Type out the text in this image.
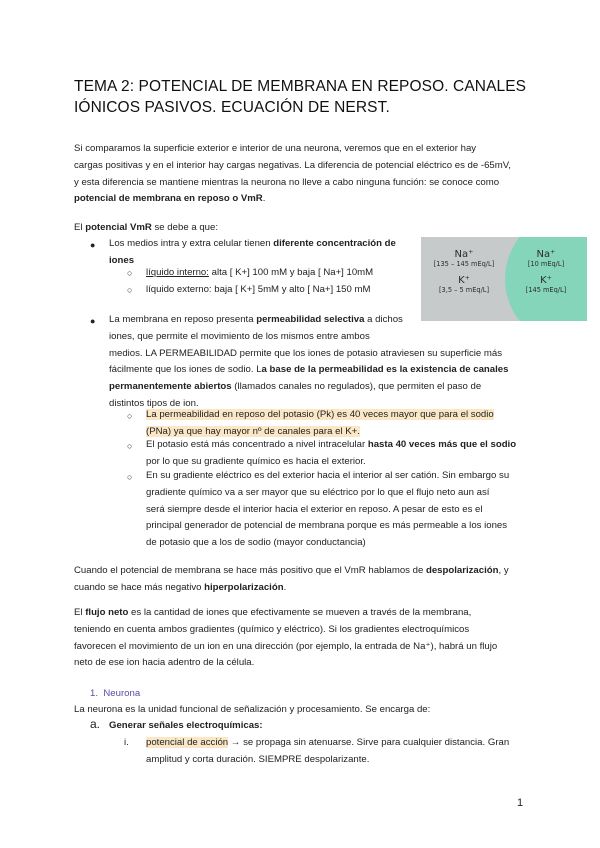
TEMA 2: POTENCIAL DE MEMBRANA EN REPOSO. CANALES
IÓNICOS PASIVOS. ECUACIÓN DE NERST.
Si comparamos la superficie exterior e interior de una neurona, veremos que en el exterior hay
cargas positivas y en el interior hay cargas negativas. La diferencia de potencial eléctrico es de -65mV,
y esta diferencia se mantiene mientras la neurona no lleve a cabo ninguna función: se conoce como
potencial de membrana en reposo o VmR.
El potencial VmR se debe a que:
● Los medios intra y extra celular tienen diferente concentración de
iones
○ líquido interno: alta [ K+] 100 mM y baja [ Na+] 10mM
○ líquido externo: baja [ K+] 5mM y alto [ Na+] 150 mM
Na⁺
[135 – 145 mEq/L]
K⁺
[3,5 – 5 mEq/L]
Na⁺
[10 mEq/L]
K⁺
[145 mEq/L]
● La membrana en reposo presenta permeabilidad selectiva a dichos
iones, que permite el movimiento de los mismos entre ambos
medios. LA PERMEABILIDAD permite que los iones de potasio atraviesen su superficie más
fácilmente que los iones de sodio. La base de la permeabilidad es la existencia de canales
permanentemente abiertos (llamados canales no regulados), que permiten el paso de
distintos tipos de ion.
○ La permeabilidad en reposo del potasio (Pk) es 40 veces mayor que para el sodio
(PNa) ya que hay mayor nº de canales para el K+.
○ El potasio está más concentrado a nivel intracelular hasta 40 veces más que el sodio
por lo que su gradiente químico es hacia el exterior.
○ En su gradiente eléctrico es del exterior hacia el interior al ser catión. Sin embargo su
gradiente químico va a ser mayor que su eléctrico por lo que el flujo neto aun así
será siempre desde el interior hacia el exterior en reposo. A pesar de esto es el
principal generador de potencial de membrana porque es más permeable a los iones
de potasio que a los de sodio (mayor conductancia)
Cuando el potencial de membrana se hace más positivo que el VmR hablamos de despolarización, y
cuando se hace más negativo hiperpolarización.
El flujo neto es la cantidad de iones que efectivamente se mueven a través de la membrana,
teniendo en cuenta ambos gradientes (químico y eléctrico). Si los gradientes electroquímicos
favorecen el movimiento de un ion en una dirección (por ejemplo, la entrada de Na⁺), habrá un flujo
neto de ese ion hacia adentro de la célula.
1. Neurona
La neurona es la unidad funcional de señalización y procesamiento. Se encarga de:
a. Generar señales electroquímicas:
i. potencial de acción → se propaga sin atenuarse. Sirve para cualquier distancia. Gran
amplitud y corta duración. SIEMPRE despolarizante.
1
